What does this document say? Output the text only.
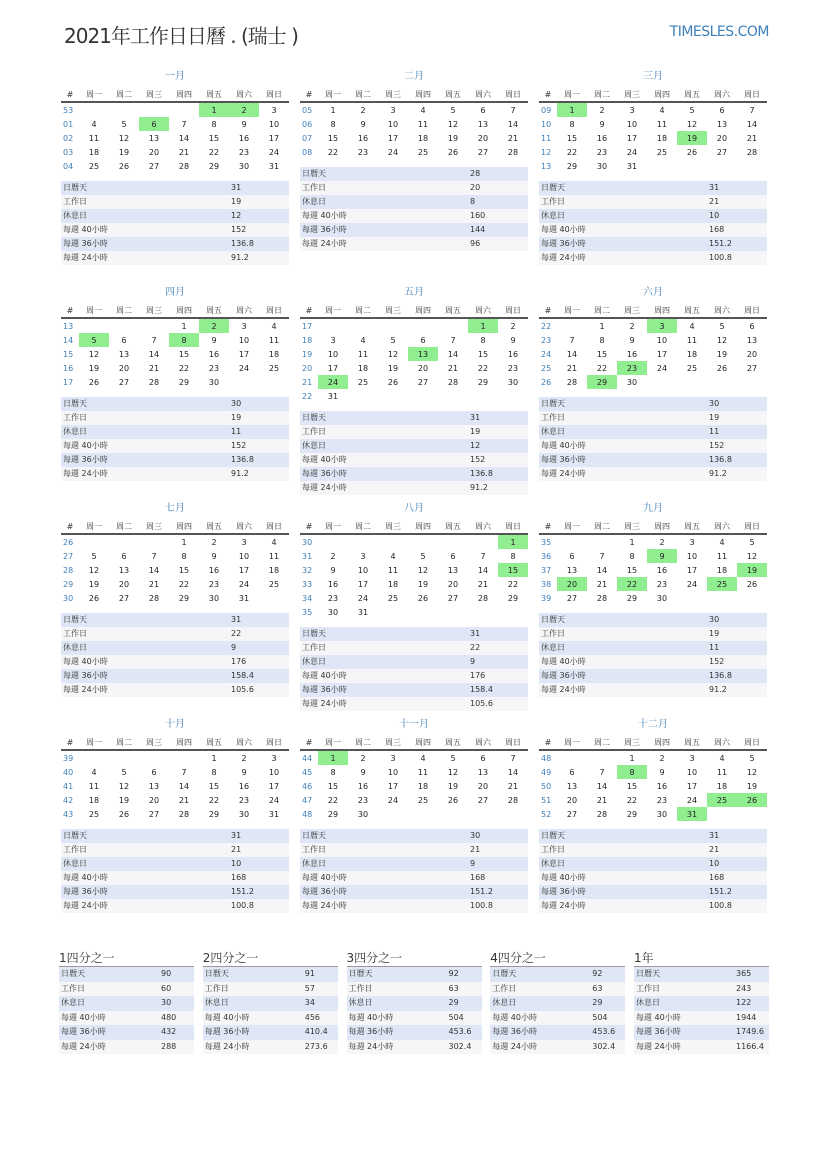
2021年工作日日曆 . (瑞士 )	TIMESLES.COM
一月
#	周一	周二	周三	周四	周五	周六	周日
53					1	2	3
01	4	5	6	7	8	9	10
02	11	12	13	14	15	16	17
03	18	19	20	21	22	23	24
04	25	26	27	28	29	30	31
日曆天	31
工作日	19
休息日	12
每週 40小時	152
每週 36小時	136.8
每週 24小時	91.2
二月
#	周一	周二	周三	周四	周五	周六	周日
05	1	2	3	4	5	6	7
06	8	9	10	11	12	13	14
07	15	16	17	18	19	20	21
08	22	23	24	25	26	27	28
日曆天	28
工作日	20
休息日	8
每週 40小時	160
每週 36小時	144
每週 24小時	96
三月
#	周一	周二	周三	周四	周五	周六	周日
09	1	2	3	4	5	6	7
10	8	9	10	11	12	13	14
11	15	16	17	18	19	20	21
12	22	23	24	25	26	27	28
13	29	30	31				
日曆天	31
工作日	21
休息日	10
每週 40小時	168
每週 36小時	151.2
每週 24小時	100.8
四月
#	周一	周二	周三	周四	周五	周六	周日
13				1	2	3	4
14	5	6	7	8	9	10	11
15	12	13	14	15	16	17	18
16	19	20	21	22	23	24	25
17	26	27	28	29	30		
日曆天	30
工作日	19
休息日	11
每週 40小時	152
每週 36小時	136.8
每週 24小時	91.2
五月
#	周一	周二	周三	周四	周五	周六	周日
17						1	2
18	3	4	5	6	7	8	9
19	10	11	12	13	14	15	16
20	17	18	19	20	21	22	23
21	24	25	26	27	28	29	30
22	31						
日曆天	31
工作日	19
休息日	12
每週 40小時	152
每週 36小時	136.8
每週 24小時	91.2
六月
#	周一	周二	周三	周四	周五	周六	周日
22		1	2	3	4	5	6
23	7	8	9	10	11	12	13
24	14	15	16	17	18	19	20
25	21	22	23	24	25	26	27
26	28	29	30				
日曆天	30
工作日	19
休息日	11
每週 40小時	152
每週 36小時	136.8
每週 24小時	91.2
七月
#	周一	周二	周三	周四	周五	周六	周日
26				1	2	3	4
27	5	6	7	8	9	10	11
28	12	13	14	15	16	17	18
29	19	20	21	22	23	24	25
30	26	27	28	29	30	31	
日曆天	31
工作日	22
休息日	9
每週 40小時	176
每週 36小時	158.4
每週 24小時	105.6
八月
#	周一	周二	周三	周四	周五	周六	周日
30							1
31	2	3	4	5	6	7	8
32	9	10	11	12	13	14	15
33	16	17	18	19	20	21	22
34	23	24	25	26	27	28	29
35	30	31					
日曆天	31
工作日	22
休息日	9
每週 40小時	176
每週 36小時	158.4
每週 24小時	105.6
九月
#	周一	周二	周三	周四	周五	周六	周日
35			1	2	3	4	5
36	6	7	8	9	10	11	12
37	13	14	15	16	17	18	19
38	20	21	22	23	24	25	26
39	27	28	29	30			
日曆天	30
工作日	19
休息日	11
每週 40小時	152
每週 36小時	136.8
每週 24小時	91.2
十月
#	周一	周二	周三	周四	周五	周六	周日
39					1	2	3
40	4	5	6	7	8	9	10
41	11	12	13	14	15	16	17
42	18	19	20	21	22	23	24
43	25	26	27	28	29	30	31
日曆天	31
工作日	21
休息日	10
每週 40小時	168
每週 36小時	151.2
每週 24小時	100.8
十一月
#	周一	周二	周三	周四	周五	周六	周日
44	1	2	3	4	5	6	7
45	8	9	10	11	12	13	14
46	15	16	17	18	19	20	21
47	22	23	24	25	26	27	28
48	29	30					
日曆天	30
工作日	21
休息日	9
每週 40小時	168
每週 36小時	151.2
每週 24小時	100.8
十二月
#	周一	周二	周三	周四	周五	周六	周日
48			1	2	3	4	5
49	6	7	8	9	10	11	12
50	13	14	15	16	17	18	19
51	20	21	22	23	24	25	26
52	27	28	29	30	31		
日曆天	31
工作日	21
休息日	10
每週 40小時	168
每週 36小時	151.2
每週 24小時	100.8
1四分之一
日曆天	90
工作日	60
休息日	30
每週 40小時	480
每週 36小時	432
每週 24小時	288
2四分之一
日曆天	91
工作日	57
休息日	34
每週 40小時	456
每週 36小時	410.4
每週 24小時	273.6
3四分之一
日曆天	92
工作日	63
休息日	29
每週 40小時	504
每週 36小時	453.6
每週 24小時	302.4
4四分之一
日曆天	92
工作日	63
休息日	29
每週 40小時	504
每週 36小時	453.6
每週 24小時	302.4
1年
日曆天	365
工作日	243
休息日	122
每週 40小時	1944
每週 36小時	1749.6
每週 24小時	1166.4
